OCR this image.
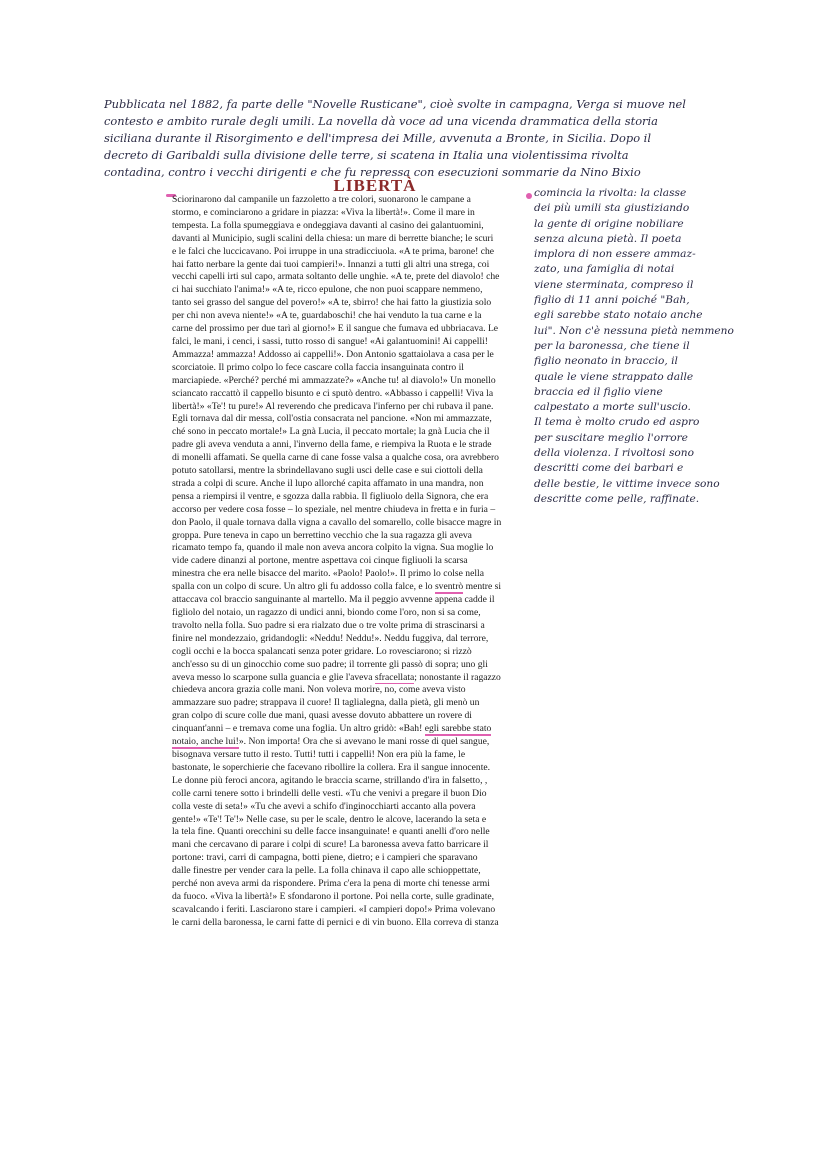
Pubblicata nel 1882, fa parte delle "Novelle Rusticane", cioè svolte in campagna, Verga si muove nel
contesto e ambito rurale degli umili. La novella dà voce ad una vicenda drammatica della storia
siciliana durante il Risorgimento e dell'impresa dei Mille, avvenuta a Bronte, in Sicilia. Dopo il
decreto di Garibaldi sulla divisione delle terre, si scatena in Italia una violentissima rivolta
contadina, contro i vecchi dirigenti e che fu repressa con esecuzioni sommarie da Nino Bixio
LIBERTÀ
Sciorinarono dal campanile un fazzoletto a tre colori, suonarono le campane a
stormo, e cominciarono a gridare in piazza: «Viva la libertà!». Come il mare in
tempesta. La folla spumeggiava e ondeggiava davanti al casino dei galantuomini,
davanti al Municipio, sugli scalini della chiesa: un mare di berrette bianche; le scuri
e le falci che luccicavano. Poi irruppe in una stradicciuola. «A te prima, barone! che
hai fatto nerbare la gente dai tuoi campieri!». Innanzi a tutti gli altri una strega, coi
vecchi capelli irti sul capo, armata soltanto delle unghie. «A te, prete del diavolo! che
ci hai succhiato l'anima!» «A te, ricco epulone, che non puoi scappare nemmeno,
tanto sei grasso del sangue del povero!» «A te, sbirro! che hai fatto la giustizia solo
per chi non aveva niente!» «A te, guardaboschi! che hai venduto la tua carne e la
carne del prossimo per due tarì al giorno!» E il sangue che fumava ed ubbriacava. Le
falci, le mani, i cenci, i sassi, tutto rosso di sangue! «Ai galantuomini! Ai cappelli!
Ammazza! ammazza! Addosso ai cappelli!». Don Antonio sgattaiolava a casa per le
scorciatoie. Il primo colpo lo fece cascare colla faccia insanguinata contro il
marciapiede. «Perché? perché mi ammazzate?» «Anche tu! al diavolo!» Un monello
sciancato raccattò il cappello bisunto e ci sputò dentro. «Abbasso i cappelli! Viva la
libertà!» «Te'! tu pure!» Al reverendo che predicava l'inferno per chi rubava il pane.
Egli tornava dal dir messa, coll'ostia consacrata nel pancione. «Non mi ammazzate,
ché sono in peccato mortale!» La gnà Lucia, il peccato mortale; la gnà Lucia che il
padre gli aveva venduta a anni, l'inverno della fame, e riempiva la Ruota e le strade
di monelli affamati. Se quella carne di cane fosse valsa a qualche cosa, ora avrebbero
potuto satollarsi, mentre la sbrindellavano sugli usci delle case e sui ciottoli della
strada a colpi di scure. Anche il lupo allorché capita affamato in una mandra, non
pensa a riempirsi il ventre, e sgozza dalla rabbia. Il figliuolo della Signora, che era
accorso per vedere cosa fosse – lo speziale, nel mentre chiudeva in fretta e in furia –
don Paolo, il quale tornava dalla vigna a cavallo del somarello, colle bisacce magre in
groppa. Pure teneva in capo un berrettino vecchio che la sua ragazza gli aveva
ricamato tempo fa, quando il male non aveva ancora colpito la vigna. Sua moglie lo
vide cadere dinanzi al portone, mentre aspettava coi cinque figliuoli la scarsa
minestra che era nelle bisacce del marito. «Paolo! Paolo!». Il primo lo colse nella
spalla con un colpo di scure. Un altro gli fu addosso colla falce, e lo sventrò mentre si
attaccava col braccio sanguinante al martello. Ma il peggio avvenne appena cadde il
figliolo del notaio, un ragazzo di undici anni, biondo come l'oro, non si sa come,
travolto nella folla. Suo padre si era rialzato due o tre volte prima di strascinarsi a
finire nel mondezzaio, gridandogli: «Neddu! Neddu!». Neddu fuggiva, dal terrore,
cogli occhi e la bocca spalancati senza poter gridare. Lo rovesciarono; si rizzò
anch'esso su di un ginocchio come suo padre; il torrente gli passò di sopra; uno gli
aveva messo lo scarpone sulla guancia e glie l'aveva sfracellata; nonostante il ragazzo
chiedeva ancora grazia colle mani. Non voleva morire, no, come aveva visto
ammazzare suo padre; strappava il cuore! Il taglialegna, dalla pietà, gli menò un
gran colpo di scure colle due mani, quasi avesse dovuto abbattere un rovere di
cinquant'anni – e tremava come una foglia. Un altro gridò: «Bah! egli sarebbe stato
notaio, anche lui!». Non importa! Ora che si avevano le mani rosse di quel sangue,
bisognava versare tutto il resto. Tutti! tutti i cappelli! Non era più la fame, le
bastonate, le soperchierie che facevano ribollire la collera. Era il sangue innocente.
Le donne più feroci ancora, agitando le braccia scarne, strillando d'ira in falsetto, ,
colle carni tenere sotto i brindelli delle vesti. «Tu che venivi a pregare il buon Dio
colla veste di seta!» «Tu che avevi a schifo d'inginocchiarti accanto alla povera
gente!» «Te'! Te'!» Nelle case, su per le scale, dentro le alcove, lacerando la seta e
la tela fine. Quanti orecchini su delle facce insanguinate! e quanti anelli d'oro nelle
mani che cercavano di parare i colpi di scure! La baronessa aveva fatto barricare il
portone: travi, carri di campagna, botti piene, dietro; e i campieri che sparavano
dalle finestre per vender cara la pelle. La folla chinava il capo alle schioppettate,
perché non aveva armi da rispondere. Prima c'era la pena di morte chi tenesse armi
da fuoco. «Viva la libertà!» E sfondarono il portone. Poi nella corte, sulle gradinate,
scavalcando i feriti. Lasciarono stare i campieri. «I campieri dopo!» Prima volevano
le carni della baronessa, le carni fatte di pernici e di vin buono. Ella correva di stanza
comincia la rivolta: la classe
dei più umili sta giustiziando
la gente di origine nobiliare
senza alcuna pietà. Il poeta
implora di non essere ammaz-
zato, una famiglia di notai
viene sterminata, compreso il
figlio di 11 anni poiché "Bah,
egli sarebbe stato notaio anche
lui". Non c'è nessuna pietà nemmeno
per la baronessa, che tiene il
figlio neonato in braccio, il
quale le viene strappato dalle
braccia ed il figlio viene
calpestato a morte sull'uscio.
Il tema è molto crudo ed aspro
per suscitare meglio l'orrore
della violenza. I rivoltosi sono
descritti come dei barbari e
delle bestie, le vittime invece sono
descritte come pelle, raffinate.
